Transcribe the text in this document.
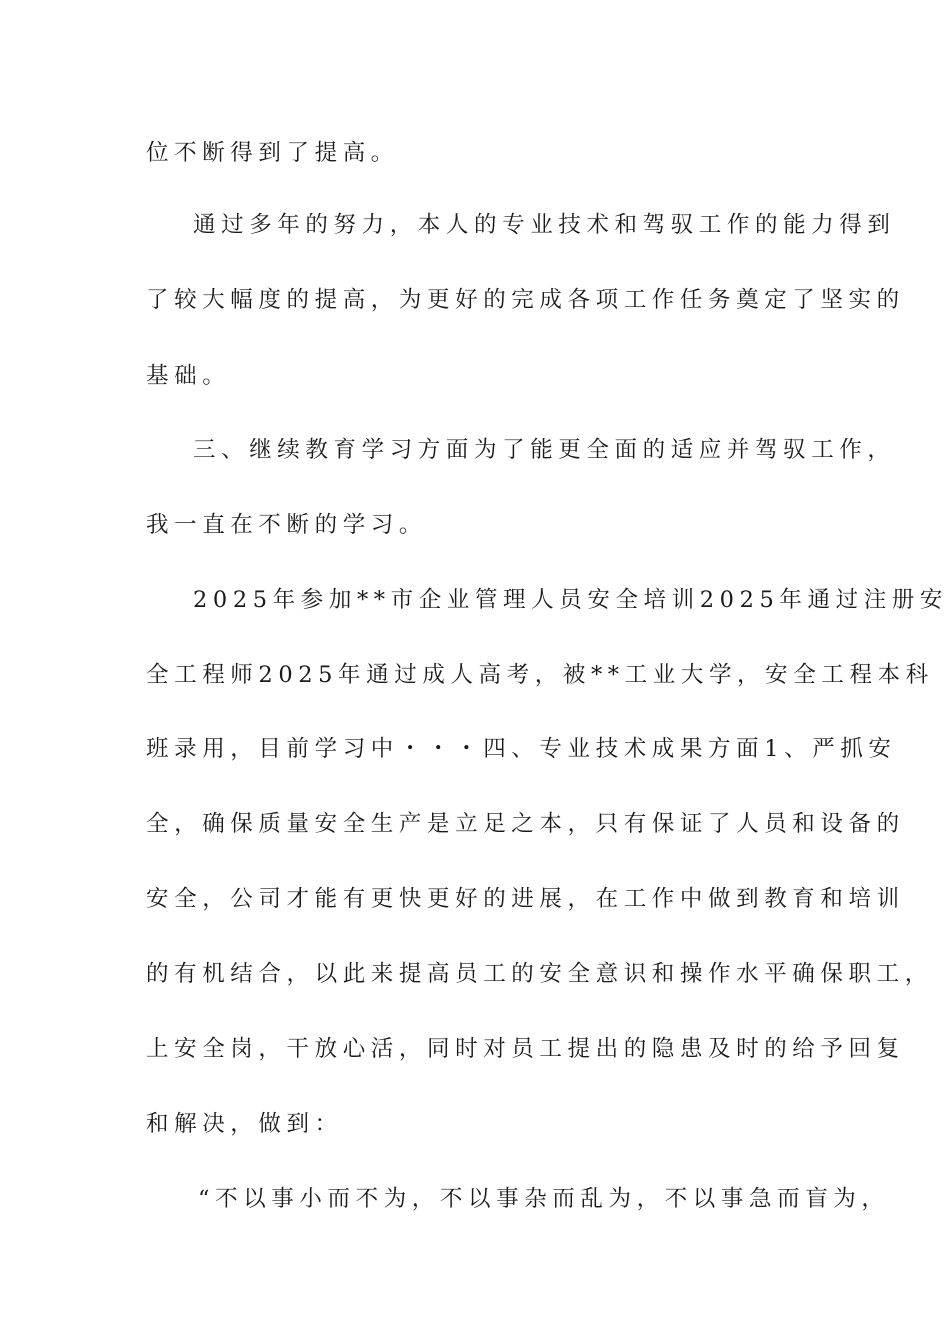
位不断得到了提高。
通过多年的努力，本人的专业技术和驾驭工作的能力得到
了较大幅度的提高，为更好的完成各项工作任务奠定了坚实的
基础。
三、继续教育学习方面为了能更全面的适应并驾驭工作，
我一直在不断的学习。
2025年参加**市企业管理人员安全培训2025年通过注册安
全工程师2025年通过成人高考，被**工业大学，安全工程本科
班录用，目前学习中・・・四、专业技术成果方面1、严抓安
全，确保质量安全生产是立足之本，只有保证了人员和设备的
安全，公司才能有更快更好的进展，在工作中做到教育和培训
的有机结合，以此来提高员工的安全意识和操作水平确保职工，
上安全岗，干放心活，同时对员工提出的隐患及时的给予回复
和解决，做到：
“不以事小而不为，不以事杂而乱为，不以事急而盲为，
